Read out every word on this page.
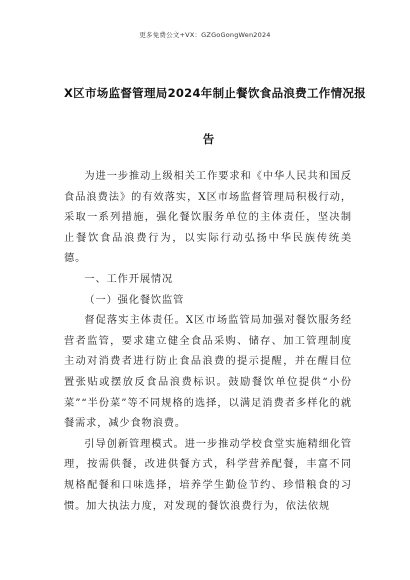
更多免费公文+VX：GZGoGongWen2024
X区市场监督管理局2024年制止餐饮食品浪费工作情况报
告

为进一步推动上级相关工作要求和《中华人民共和国反食品浪费法》的有效落实，X区市场监督管理局积极行动，采取一系列措施，强化餐饮服务单位的主体责任，坚决制止餐饮食品浪费行为，以实际行动弘扬中华民族传统美德。

一、工作开展情况

（一）强化餐饮监管

督促落实主体责任。X区市场监管局加强对餐饮服务经营者监管，要求建立健全食品采购、储存、加工管理制度主动对消费者进行防止食品浪费的提示提醒，并在醒目位置张贴或摆放反食品浪费标识。鼓励餐饮单位提供“小份菜”“半份菜”等不同规格的选择，以满足消费者多样化的就餐需求，减少食物浪费。

引导创新管理模式。进一步推动学校食堂实施精细化管理，按需供餐，改进供餐方式，科学营养配餐，丰富不同规格配餐和口味选择，培养学生勤俭节约、珍惜粮食的习惯。加大执法力度，对发现的餐饮浪费行为，依法依规
